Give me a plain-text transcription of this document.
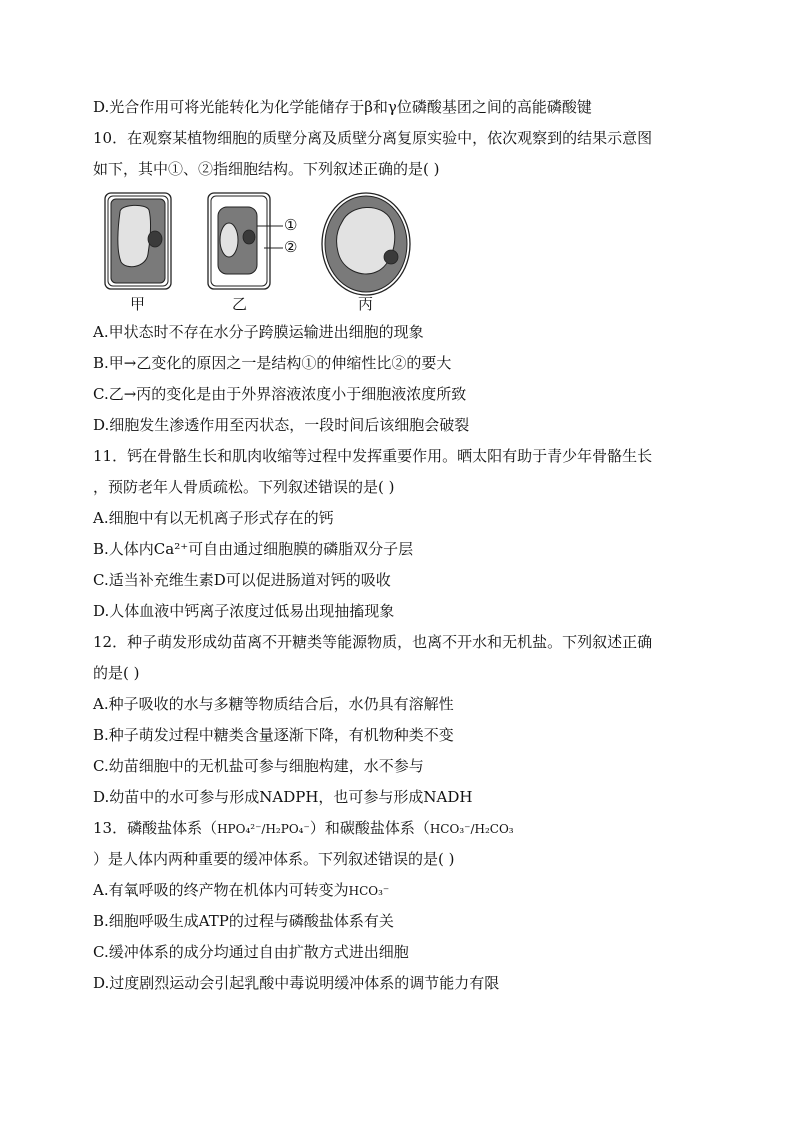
D.光合作用可将光能转化为化学能储存于β和γ位磷酸基团之间的高能磷酸键
10．在观察某植物细胞的质壁分离及质壁分离复原实验中，依次观察到的结果示意图
如下，其中①、②指细胞结构。下列叙述正确的是( )
①
②
甲	乙	丙
A.甲状态时不存在水分子跨膜运输进出细胞的现象
B.甲→乙变化的原因之一是结构①的伸缩性比②的要大
C.乙→丙的变化是由于外界溶液浓度小于细胞液浓度所致
D.细胞发生渗透作用至丙状态，一段时间后该细胞会破裂
11．钙在骨骼生长和肌肉收缩等过程中发挥重要作用。晒太阳有助于青少年骨骼生长
，预防老年人骨质疏松。下列叙述错误的是( )
A.细胞中有以无机离子形式存在的钙
B.人体内Ca²⁺可自由通过细胞膜的磷脂双分子层
C.适当补充维生素D可以促进肠道对钙的吸收
D.人体血液中钙离子浓度过低易出现抽搐现象
12．种子萌发形成幼苗离不开糖类等能源物质，也离不开水和无机盐。下列叙述正确
的是( )
A.种子吸收的水与多糖等物质结合后，水仍具有溶解性
B.种子萌发过程中糖类含量逐渐下降，有机物种类不变
C.幼苗细胞中的无机盐可参与细胞构建，水不参与
D.幼苗中的水可参与形成NADPH，也可参与形成NADH
13．磷酸盐体系（HPO₄²⁻/H₂PO₄⁻）和碳酸盐体系（HCO₃⁻/H₂CO₃
）是人体内两种重要的缓冲体系。下列叙述错误的是( )
A.有氧呼吸的终产物在机体内可转变为HCO₃⁻
B.细胞呼吸生成ATP的过程与磷酸盐体系有关
C.缓冲体系的成分均通过自由扩散方式进出细胞
D.过度剧烈运动会引起乳酸中毒说明缓冲体系的调节能力有限
